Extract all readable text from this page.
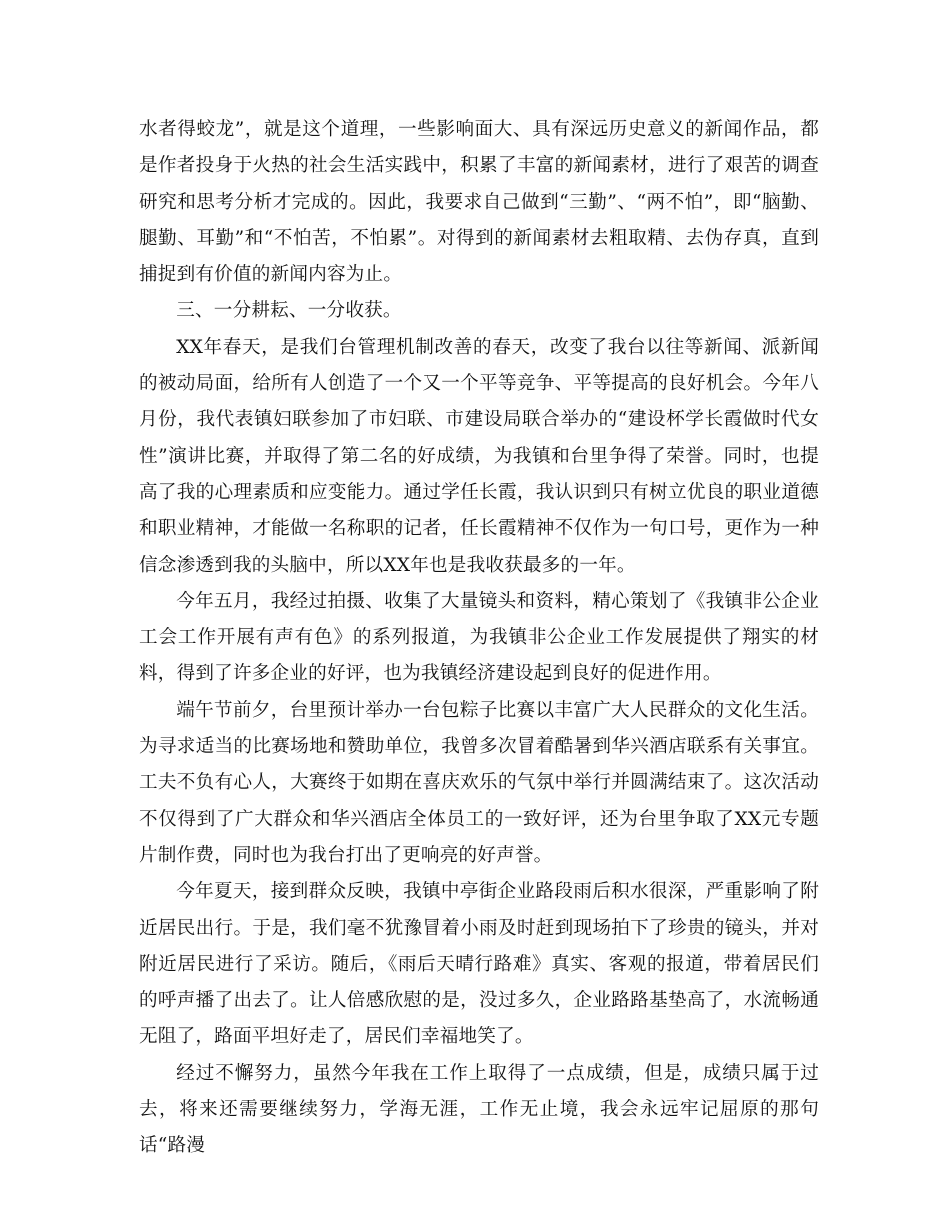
水者得蛟龙”，就是这个道理，一些影响面大、具有深远历史意义的新闻作品，都是作者投身于火热的社会生活实践中，积累了丰富的新闻素材，进行了艰苦的调查研究和思考分析才完成的。因此，我要求自己做到“三勤”、“两不怕”，即“脑勤、腿勤、耳勤”和“不怕苦，不怕累”。对得到的新闻素材去粗取精、去伪存真，直到捕捉到有价值的新闻内容为止。

三、一分耕耘、一分收获。

XX年春天，是我们台管理机制改善的春天，改变了我台以往等新闻、派新闻的被动局面，给所有人创造了一个又一个平等竞争、平等提高的良好机会。今年八月份，我代表镇妇联参加了市妇联、市建设局联合举办的“建设杯学长霞做时代女性”演讲比赛，并取得了第二名的好成绩，为我镇和台里争得了荣誉。同时，也提高了我的心理素质和应变能力。通过学任长霞，我认识到只有树立优良的职业道德和职业精神，才能做一名称职的记者，任长霞精神不仅作为一句口号，更作为一种信念渗透到我的头脑中，所以XX年也是我收获最多的一年。

今年五月，我经过拍摄、收集了大量镜头和资料，精心策划了《我镇非公企业工会工作开展有声有色》的系列报道，为我镇非公企业工作发展提供了翔实的材料，得到了许多企业的好评，也为我镇经济建设起到良好的促进作用。

端午节前夕，台里预计举办一台包粽子比赛以丰富广大人民群众的文化生活。为寻求适当的比赛场地和赞助单位，我曾多次冒着酷暑到华兴酒店联系有关事宜。工夫不负有心人，大赛终于如期在喜庆欢乐的气氛中举行并圆满结束了。这次活动不仅得到了广大群众和华兴酒店全体员工的一致好评，还为台里争取了XX元专题片制作费，同时也为我台打出了更响亮的好声誉。

今年夏天，接到群众反映，我镇中亭街企业路段雨后积水很深，严重影响了附近居民出行。于是，我们毫不犹豫冒着小雨及时赶到现场拍下了珍贵的镜头，并对附近居民进行了采访。随后，《雨后天晴行路难》真实、客观的报道，带着居民们的呼声播了出去了。让人倍感欣慰的是，没过多久，企业路路基垫高了，水流畅通无阻了，路面平坦好走了，居民们幸福地笑了。

经过不懈努力，虽然今年我在工作上取得了一点成绩，但是，成绩只属于过去，将来还需要继续努力，学海无涯，工作无止境，我会永远牢记屈原的那句话“路漫
